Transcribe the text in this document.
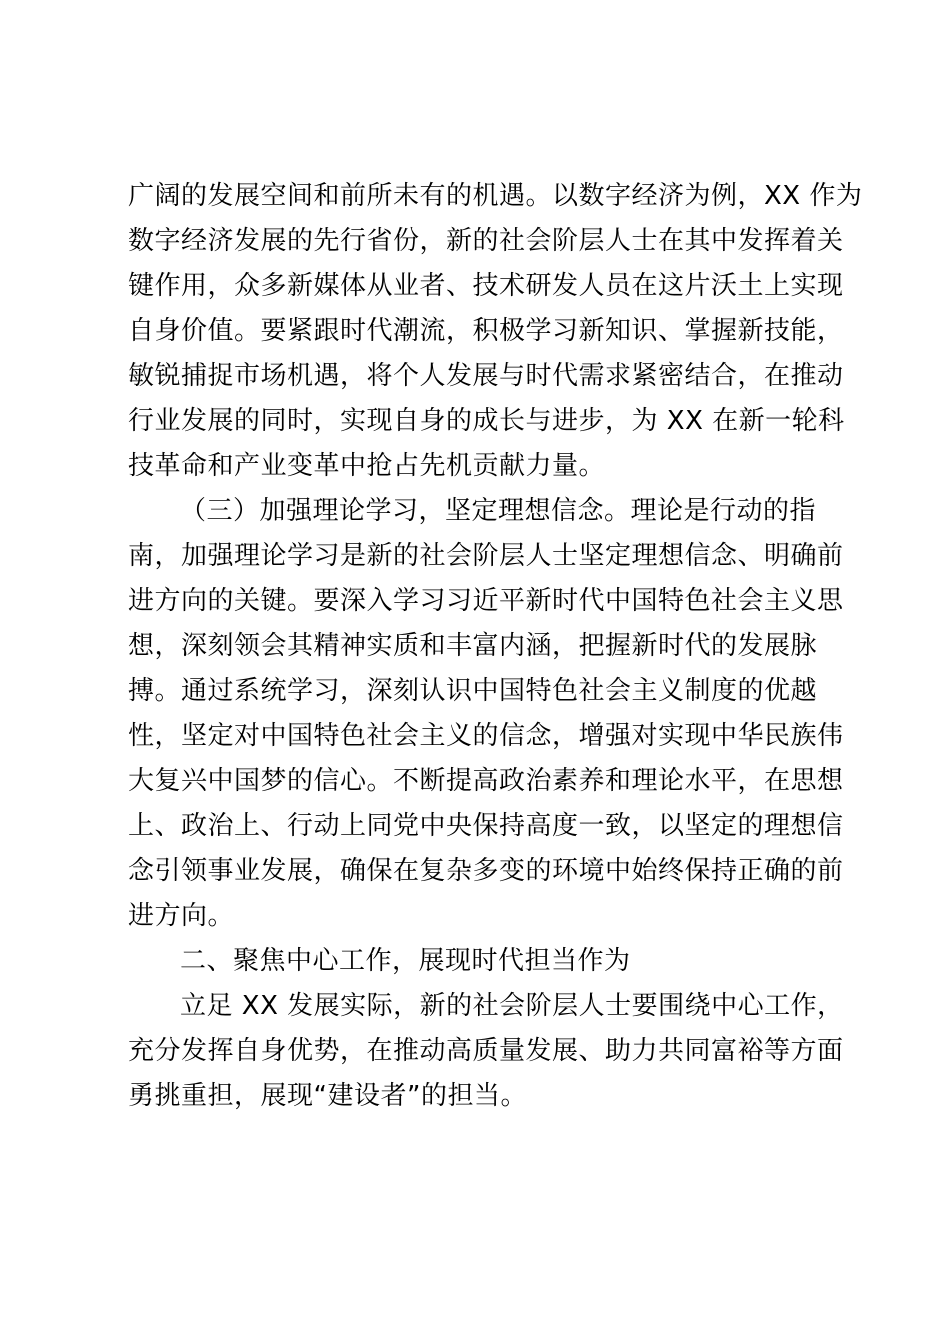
广阔的发展空间和前所未有的机遇。以数字经济为例，XX 作为
数字经济发展的先行省份，新的社会阶层人士在其中发挥着关
键作用，众多新媒体从业者、技术研发人员在这片沃土上实现
自身价值。要紧跟时代潮流，积极学习新知识、掌握新技能，
敏锐捕捉市场机遇，将个人发展与时代需求紧密结合，在推动
行业发展的同时，实现自身的成长与进步，为 XX 在新一轮科
技革命和产业变革中抢占先机贡献力量。
（三）加强理论学习，坚定理想信念。理论是行动的指
南，加强理论学习是新的社会阶层人士坚定理想信念、明确前
进方向的关键。要深入学习习近平新时代中国特色社会主义思
想，深刻领会其精神实质和丰富内涵，把握新时代的发展脉
搏。通过系统学习，深刻认识中国特色社会主义制度的优越
性，坚定对中国特色社会主义的信念，增强对实现中华民族伟
大复兴中国梦的信心。不断提高政治素养和理论水平，在思想
上、政治上、行动上同党中央保持高度一致，以坚定的理想信
念引领事业发展，确保在复杂多变的环境中始终保持正确的前
进方向。
二、聚焦中心工作，展现时代担当作为
立足 XX 发展实际，新的社会阶层人士要围绕中心工作，
充分发挥自身优势，在推动高质量发展、助力共同富裕等方面
勇挑重担，展现“建设者”的担当。
